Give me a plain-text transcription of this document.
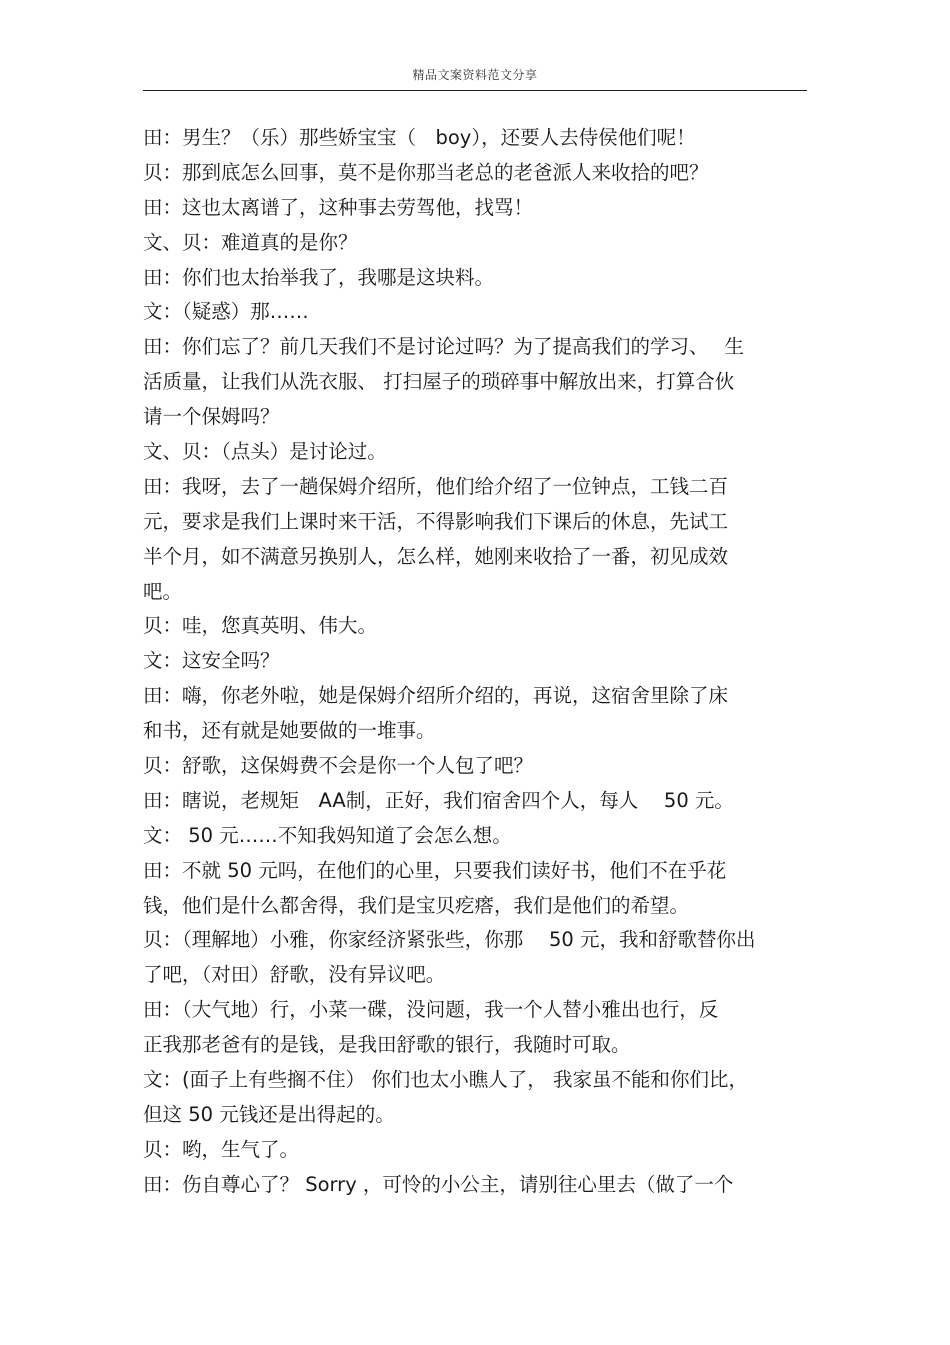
精品文案资料范文分享
田：男生？（乐）那些娇宝宝（　boy），还要人去侍侯他们呢！
贝：那到底怎么回事，莫不是你那当老总的老爸派人来收拾的吧？
田：这也太离谱了，这种事去劳驾他，找骂！
文、贝：难道真的是你？
田：你们也太抬举我了，我哪是这块料。
文：（疑惑）那……
田：你们忘了？前几天我们不是讨论过吗？为了提高我们的学习、　 生
活质量，让我们从洗衣服、 打扫屋子的琐碎事中解放出来，打算合伙
请一个保姆吗？
文、贝：（点头）是讨论过。
田：我呀，去了一趟保姆介绍所，他们给介绍了一位钟点，工钱二百
元，要求是我们上课时来干活，不得影响我们下课后的休息，先试工
半个月，如不满意另换别人，怎么样，她刚来收拾了一番，初见成效
吧。
贝：哇，您真英明、伟大。
文：这安全吗？
田：嗨，你老外啦，她是保姆介绍所介绍的，再说，这宿舍里除了床
和书，还有就是她要做的一堆事。
贝：舒歌，这保姆费不会是你一个人包了吧？
田：瞎说，老规矩　AA制，正好，我们宿舍四个人，每人　 50 元。
文： 50 元……不知我妈知道了会怎么想。
田：不就 50 元吗，在他们的心里，只要我们读好书，他们不在乎花
钱，他们是什么都舍得，我们是宝贝疙瘩，我们是他们的希望。
贝：（理解地）小雅，你家经济紧张些，你那　 50 元，我和舒歌替你出
了吧，（对田）舒歌，没有异议吧。
田：（大气地）行，小菜一碟，没问题，我一个人替小雅出也行，反
正我那老爸有的是钱，是我田舒歌的银行，我随时可取。
文：(面子上有些搁不住） 你们也太小瞧人了， 我家虽不能和你们比，
但这 50 元钱还是出得起的。
贝：哟，生气了。
田：伤自尊心了？ Sorry ，可怜的小公主，请别往心里去（做了一个
